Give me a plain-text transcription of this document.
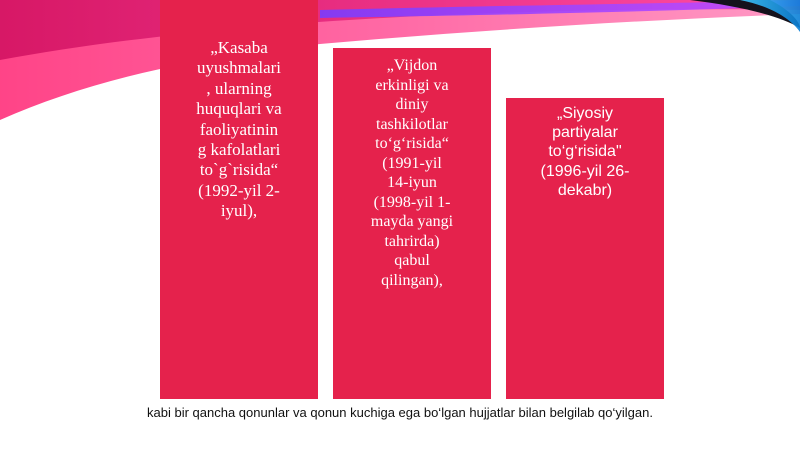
„Kasaba
uyushmalari
, ularning
huquqlari va
faoliyatinin
g kafolatlari
to`g`risida“
(1992-yil 2-
iyul),
„Vijdon
erkinligi va
diniy
tashkilotlar
to‘g‘risida“
(1991-yil
14-iyun
(1998-yil 1-
mayda yangi
tahrirda)
qabul
qilingan),
„Siyosiy
partiyalar
to‘g‘risida"
(1996-yil 26-
dekabr)
kabi bir qancha qonunlar va qonun kuchiga ega bo‘lgan hujjatlar bilan belgilab qo‘yilgan.
